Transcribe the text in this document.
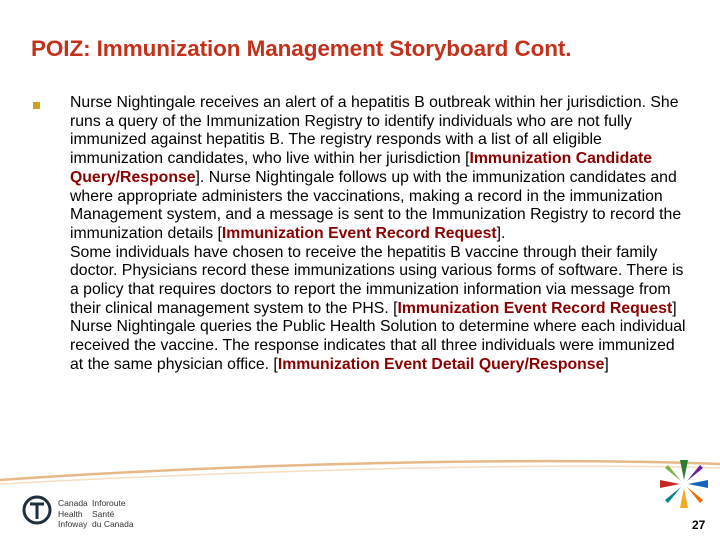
POIZ: Immunization Management Storyboard Cont.

Nurse Nightingale receives an alert of a hepatitis B outbreak within her jurisdiction. She runs a query of the Immunization Registry to identify individuals who are not fully immunized against hepatitis B. The registry responds with a list of all eligible immunization candidates, who live within her jurisdiction [Immunization Candidate Query/Response]. Nurse Nightingale follows up with the immunization candidates and where appropriate administers the vaccinations, making a record in the immunization Management system, and a message is sent to the Immunization Registry to record the immunization details [Immunization Event Record Request].

Some individuals have chosen to receive the hepatitis B vaccine through their family doctor. Physicians record these immunizations using various forms of software. There is a policy that requires doctors to report the immunization information via message from their clinical management system to the PHS. [Immunization Event Record Request]

Nurse Nightingale queries the Public Health Solution to determine where each individual received the vaccine. The response indicates that all three individuals were immunized at the same physician office. [Immunization Event Detail Query/Response]

Canada
Health
Infoway
Inforoute
Santé
du Canada	27
